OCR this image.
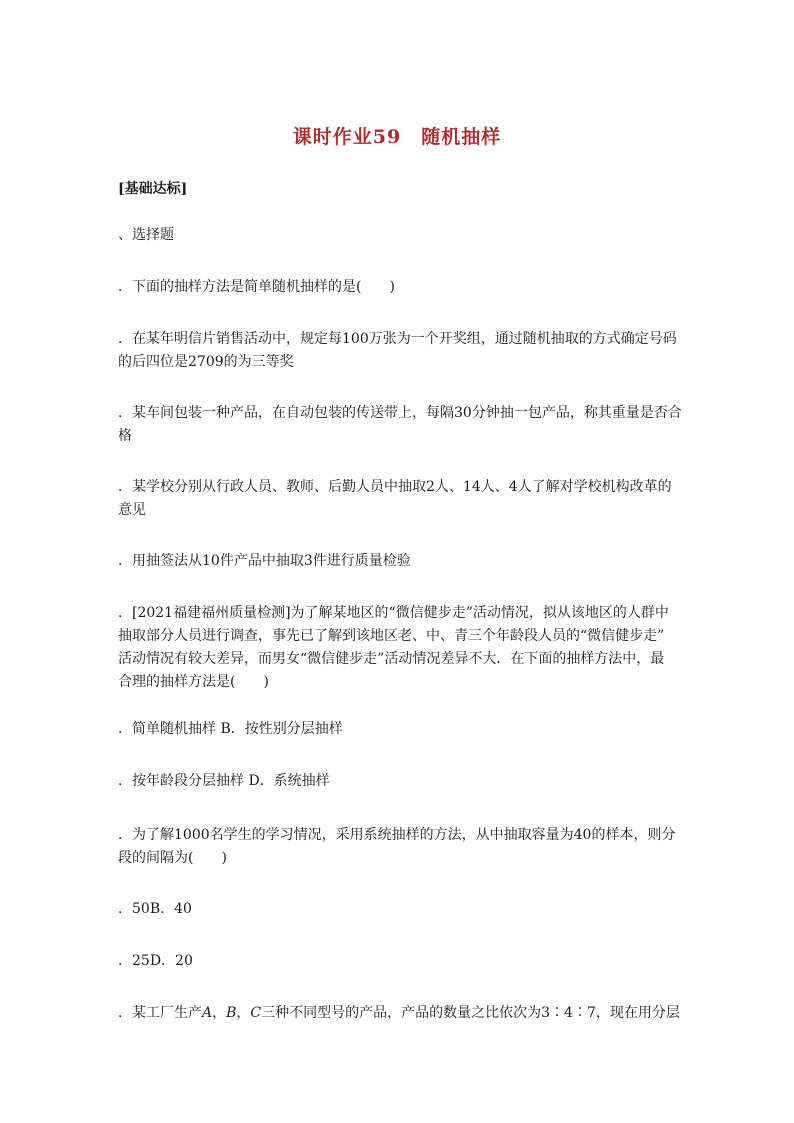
课时作业59　随机抽样
[基础达标]
、选择题
．下面的抽样方法是简单随机抽样的是(　　)
．在某年明信片销售活动中，规定每100万张为一个开奖组，通过随机抽取的方式确定号码
的后四位是2709的为三等奖
．某车间包装一种产品，在自动包装的传送带上，每隔30分钟抽一包产品，称其重量是否合
格
．某学校分别从行政人员、教师、后勤人员中抽取2人、14人、4人了解对学校机构改革的
意见
．用抽签法从10件产品中抽取3件进行质量检验
．[2021福建福州质量检测]为了解某地区的“微信健步走”活动情况，拟从该地区的人群中
抽取部分人员进行调查，事先已了解到该地区老、中、青三个年龄段人员的“微信健步走”
活动情况有较大差异，而男女“微信健步走”活动情况差异不大．在下面的抽样方法中，最
合理的抽样方法是(　　)
．简单随机抽样 B．按性别分层抽样
．按年龄段分层抽样 D．系统抽样
．为了解1000名学生的学习情况，采用系统抽样的方法，从中抽取容量为40的样本，则分
段的间隔为(　　)
．50B．40
．25D．20
．某工厂生产A，B，C三种不同型号的产品，产品的数量之比依次为3∶4∶7，现在用分层
